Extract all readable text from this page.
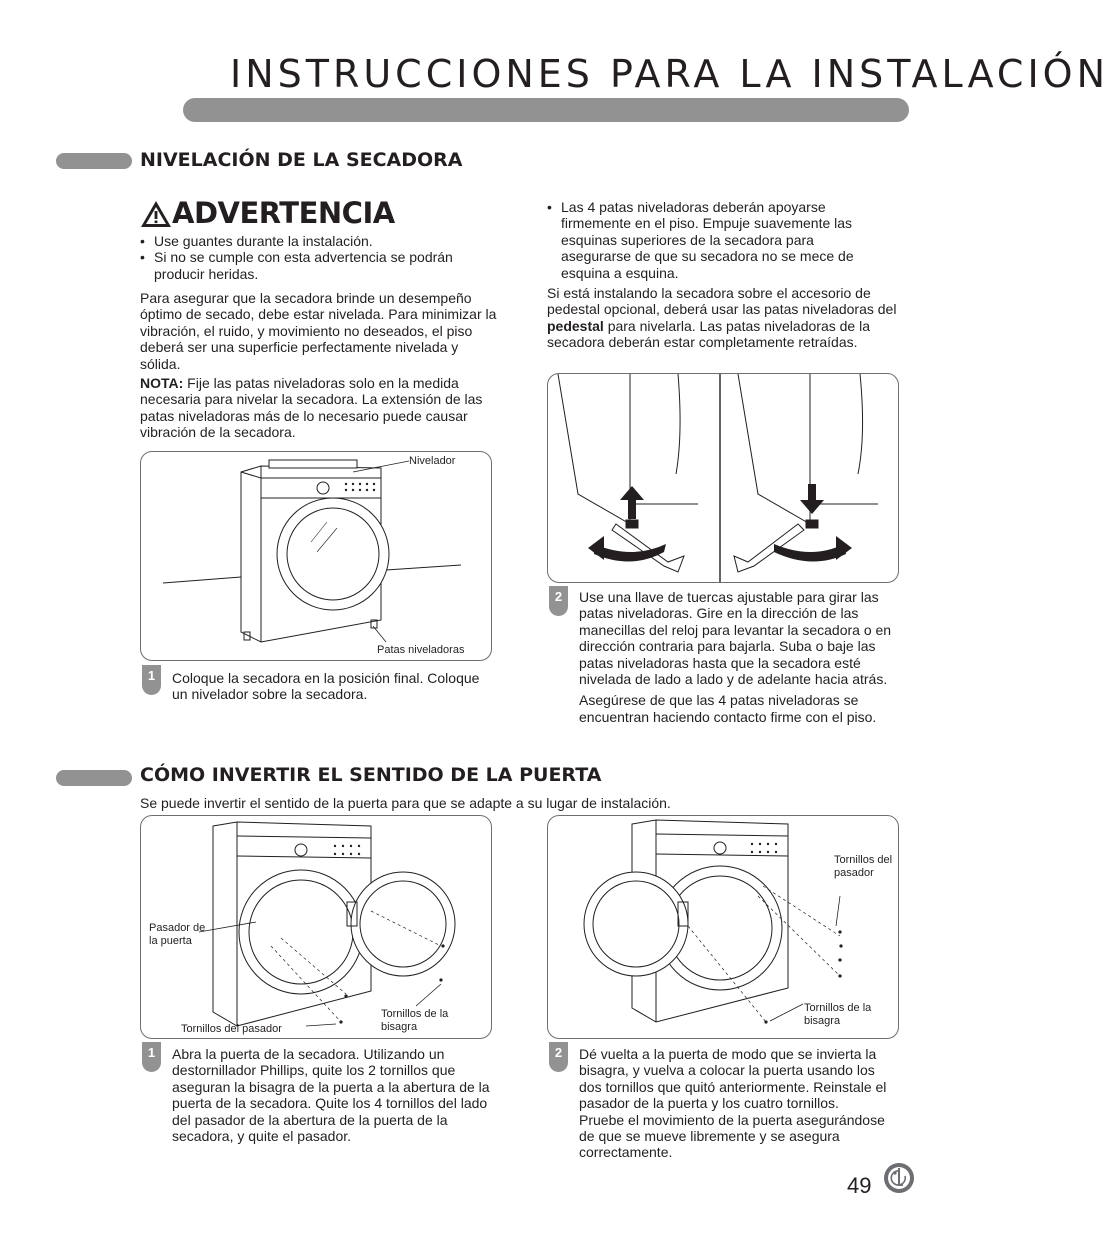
INSTRUCCIONES PARA LA INSTALACIÓN
NIVELACIÓN DE LA SECADORA
ADVERTENCIA
• Use guantes durante la instalación.
• Si no se cumple con esta advertencia se podrán producir heridas.

Para asegurar que la secadora brinde un desempeño óptimo de secado, debe estar nivelada. Para minimizar la vibración, el ruido, y movimiento no deseados, el piso deberá ser una superficie perfectamente nivelada y sólida.

NOTA: Fije las patas niveladoras solo en la medida necesaria para nivelar la secadora. La extensión de las patas niveladoras más de lo necesario puede causar vibración de la secadora.

Nivelador
Patas niveladoras
1	Coloque la secadora en la posición final. Coloque un nivelador sobre la secadora.
• Las 4 patas niveladoras deberán apoyarse firmemente en el piso. Empuje suavemente las esquinas superiores de la secadora para asegurarse de que su secadora no se mece de esquina a esquina.
Si está instalando la secadora sobre el accesorio de pedestal opcional, deberá usar las patas niveladoras del pedestal para nivelarla. Las patas niveladoras de la secadora deberán estar completamente retraídas.
2	Use una llave de tuercas ajustable para girar las patas niveladoras. Gire en la dirección de las manecillas del reloj para levantar la secadora o en dirección contraria para bajarla. Suba o baje las patas niveladoras hasta que la secadora esté nivelada de lado a lado y de adelante hacia atrás.

Asegúrese de que las 4 patas niveladoras se encuentran haciendo contacto firme con el piso.

CÓMO INVERTIR EL SENTIDO DE LA PUERTA
Se puede invertir el sentido de la puerta para que se adapte a su lugar de instalación.
Pasador de la puerta
Tornillos del pasador
Tornillos de la bisagra
1	Abra la puerta de la secadora. Utilizando un destornillador Phillips, quite los 2 tornillos que aseguran la bisagra de la puerta a la abertura de la puerta de la secadora. Quite los 4 tornillos del lado del pasador de la abertura de la puerta de la secadora, y quite el pasador.
Tornillos del pasador
Tornillos de la bisagra
2	Dé vuelta a la puerta de modo que se invierta la bisagra, y vuelva a colocar la puerta usando los dos tornillos que quitó anteriormente. Reinstale el pasador de la puerta y los cuatro tornillos.

Pruebe el movimiento de la puerta asegurándose de que se mueve libremente y se asegura correctamente.

49
